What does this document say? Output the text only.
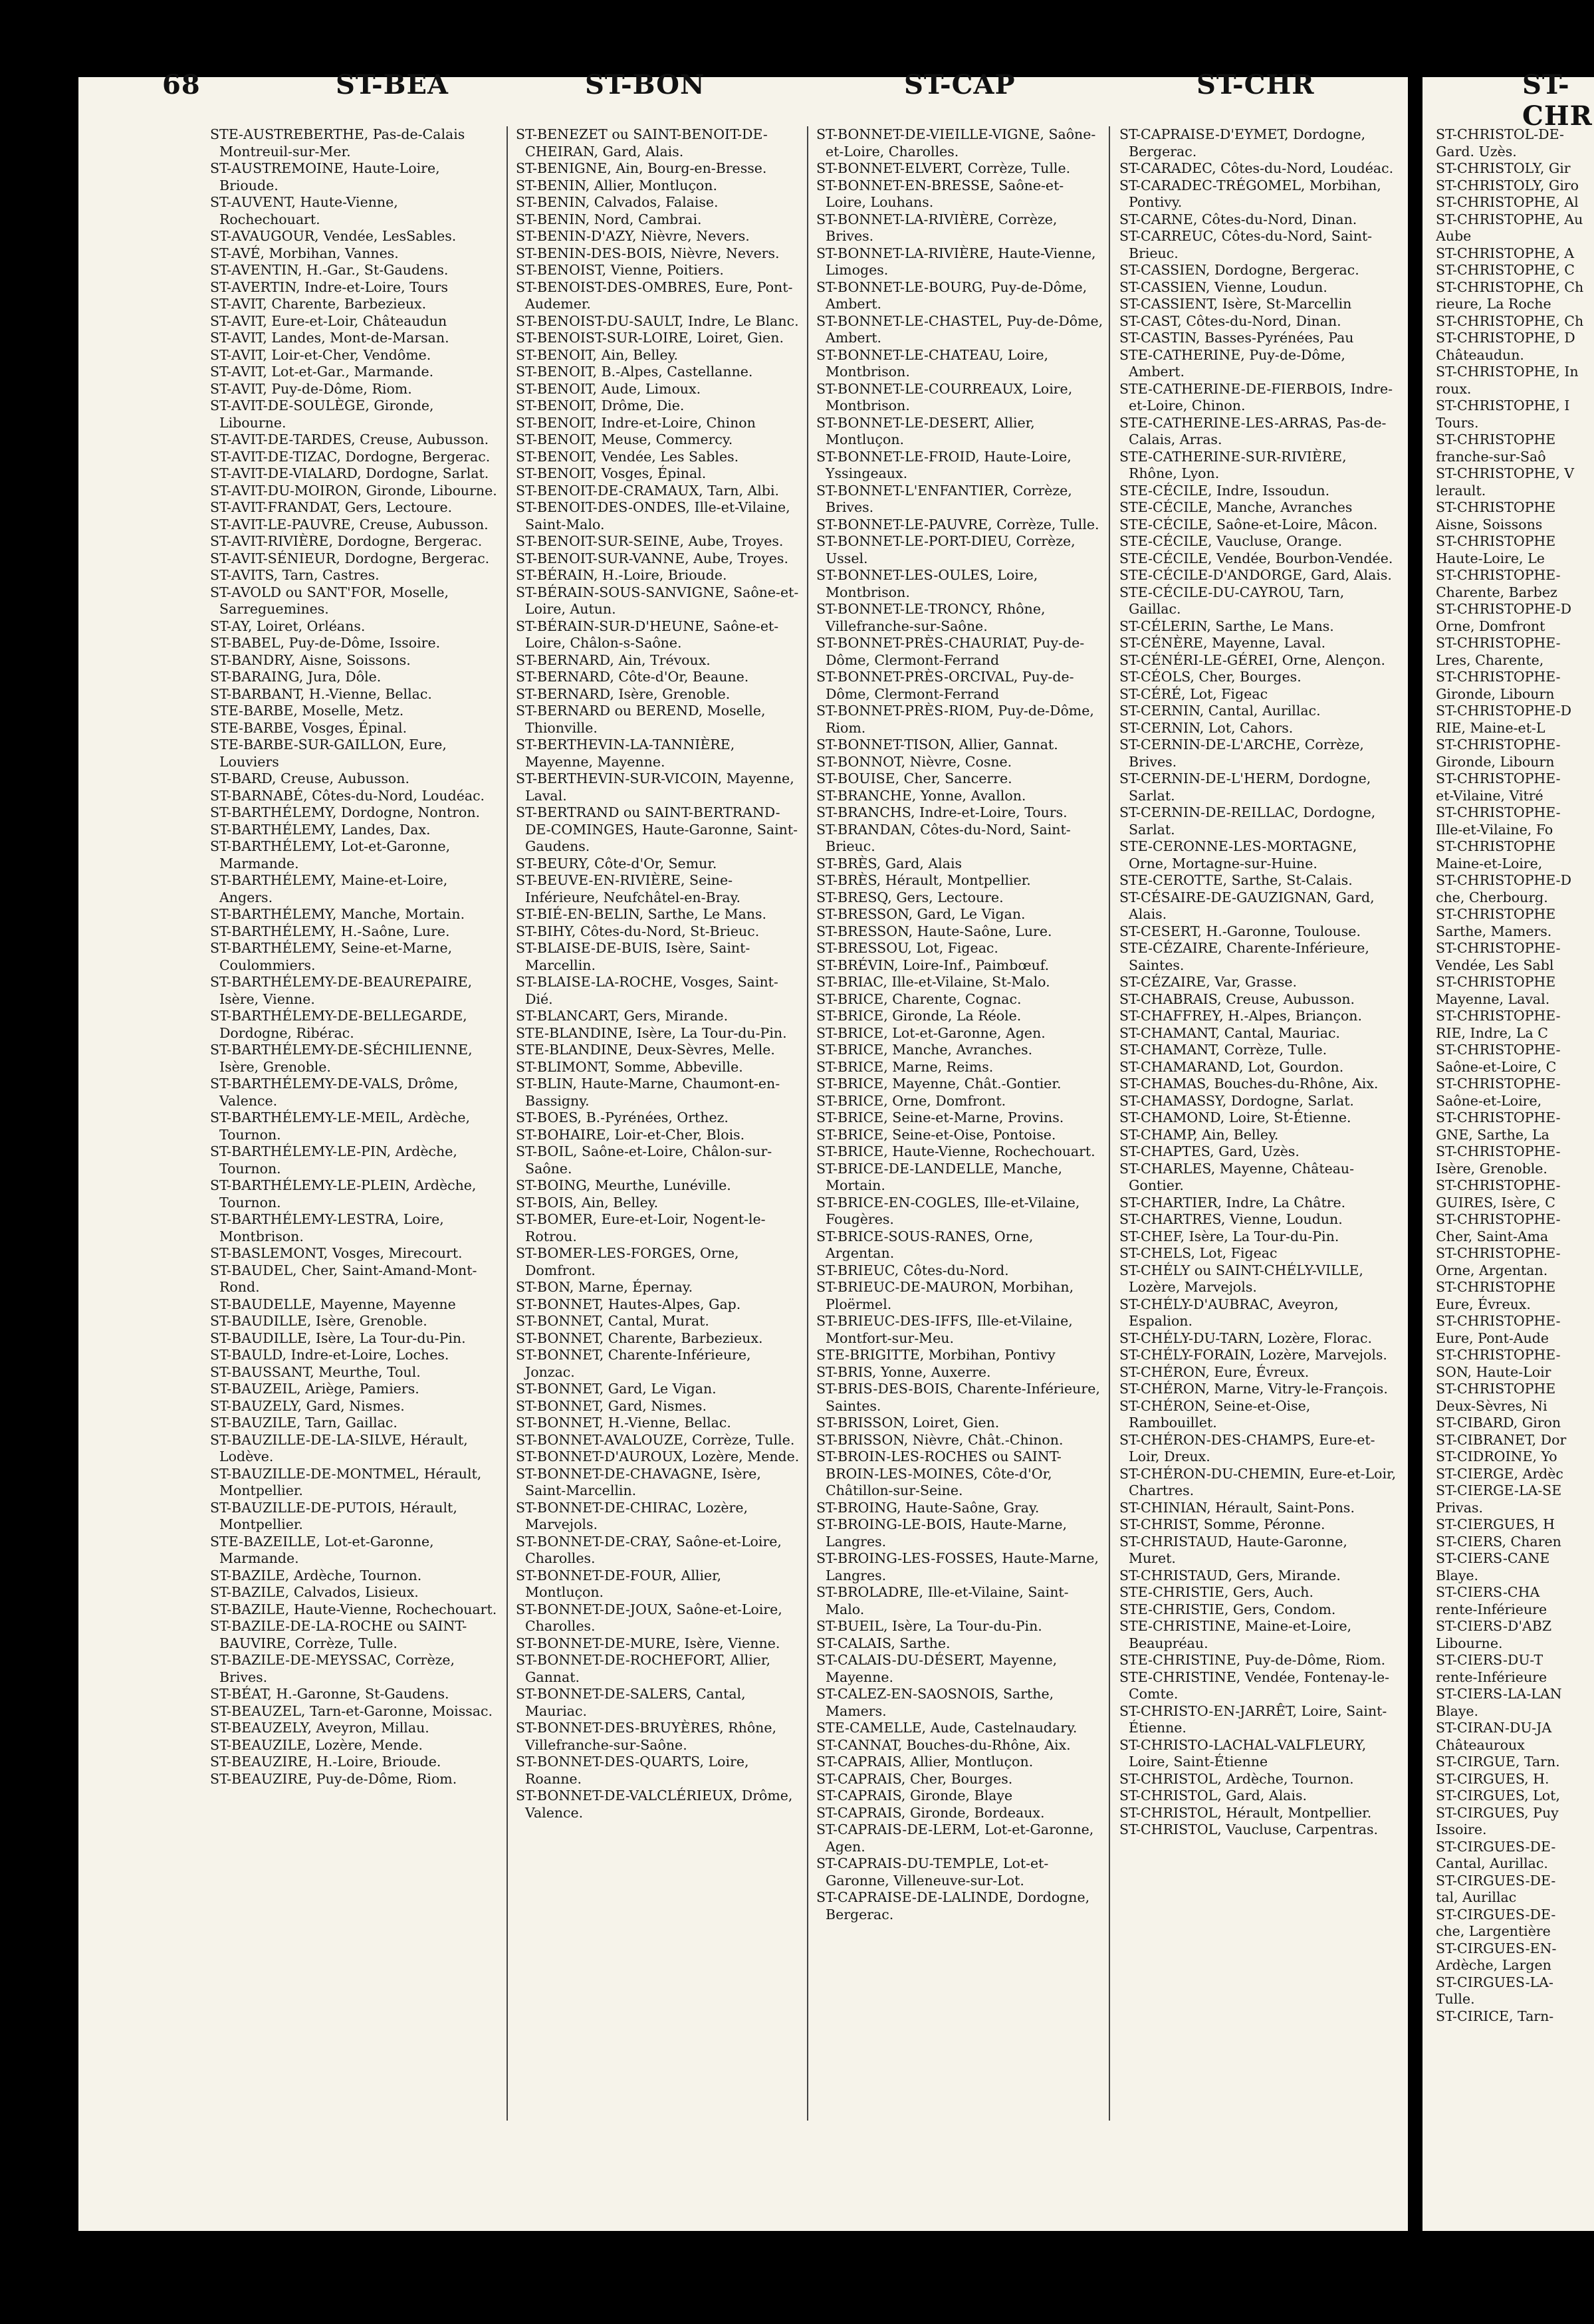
68	ST-BEA	ST-BON	ST-CAP	ST-CHR	ST-CHR

STE-AUSTREBERTHE, Pas-de-Calais Montreuil-sur-Mer.

ST-AUSTREMOINE, Haute-Loire, Brioude.

ST-AUVENT, Haute-Vienne, Rochechouart.

ST-AVAUGOUR, Vendée, LesSables.

ST-AVÉ, Morbihan, Vannes.

ST-AVENTIN, H.-Gar., St-Gaudens.

ST-AVERTIN, Indre-et-Loire, Tours

ST-AVIT, Charente, Barbezieux.

ST-AVIT, Eure-et-Loir, Châteaudun

ST-AVIT, Landes, Mont-de-Marsan.

ST-AVIT, Loir-et-Cher, Vendôme.

ST-AVIT, Lot-et-Gar., Marmande.

ST-AVIT, Puy-de-Dôme, Riom.

ST-AVIT-DE-SOULÈGE, Gironde, Libourne.

ST-AVIT-DE-TARDES, Creuse, Aubusson.

ST-AVIT-DE-TIZAC, Dordogne, Bergerac.

ST-AVIT-DE-VIALARD, Dordogne, Sarlat.

ST-AVIT-DU-MOIRON, Gironde, Libourne.

ST-AVIT-FRANDAT, Gers, Lectoure.

ST-AVIT-LE-PAUVRE, Creuse, Aubusson.

ST-AVIT-RIVIÈRE, Dordogne, Bergerac.

ST-AVIT-SÉNIEUR, Dordogne, Bergerac.

ST-AVITS, Tarn, Castres.

ST-AVOLD ou SANT'FOR, Moselle, Sarreguemines.

ST-AY, Loiret, Orléans.

ST-BABEL, Puy-de-Dôme, Issoire.

ST-BANDRY, Aisne, Soissons.

ST-BARAING, Jura, Dôle.

ST-BARBANT, H.-Vienne, Bellac.

STE-BARBE, Moselle, Metz.

STE-BARBE, Vosges, Épinal.

STE-BARBE-SUR-GAILLON, Eure, Louviers

ST-BARD, Creuse, Aubusson.

ST-BARNABÉ, Côtes-du-Nord, Loudéac.

ST-BARTHÉLEMY, Dordogne, Nontron.

ST-BARTHÉLEMY, Landes, Dax.

ST-BARTHÉLEMY, Lot-et-Garonne, Marmande.

ST-BARTHÉLEMY, Maine-et-Loire, Angers.

ST-BARTHÉLEMY, Manche, Mortain.

ST-BARTHÉLEMY, H.-Saône, Lure.

ST-BARTHÉLEMY, Seine-et-Marne, Coulommiers.

ST-BARTHÉLEMY-DE-BEAUREPAIRE, Isère, Vienne.

ST-BARTHÉLEMY-DE-BELLEGARDE, Dordogne, Ribérac.

ST-BARTHÉLEMY-DE-SÉCHILIENNE, Isère, Grenoble.

ST-BARTHÉLEMY-DE-VALS, Drôme, Valence.

ST-BARTHÉLEMY-LE-MEIL, Ardèche, Tournon.

ST-BARTHÉLEMY-LE-PIN, Ardèche, Tournon.

ST-BARTHÉLEMY-LE-PLEIN, Ardèche, Tournon.

ST-BARTHÉLEMY-LESTRA, Loire, Montbrison.

ST-BASLEMONT, Vosges, Mirecourt.

ST-BAUDEL, Cher, Saint-Amand-Mont-Rond.

ST-BAUDELLE, Mayenne, Mayenne

ST-BAUDILLE, Isère, Grenoble.

ST-BAUDILLE, Isère, La Tour-du-Pin.

ST-BAULD, Indre-et-Loire, Loches.

ST-BAUSSANT, Meurthe, Toul.

ST-BAUZEIL, Ariège, Pamiers.

ST-BAUZELY, Gard, Nismes.

ST-BAUZILE, Tarn, Gaillac.

ST-BAUZILLE-DE-LA-SILVE, Hérault, Lodève.

ST-BAUZILLE-DE-MONTMEL, Hérault, Montpellier.

ST-BAUZILLE-DE-PUTOIS, Hérault, Montpellier.

STE-BAZEILLE, Lot-et-Garonne, Marmande.

ST-BAZILE, Ardèche, Tournon.

ST-BAZILE, Calvados, Lisieux.

ST-BAZILE, Haute-Vienne, Rochechouart.

ST-BAZILE-DE-LA-ROCHE ou SAINT-BAUVIRE, Corrèze, Tulle.

ST-BAZILE-DE-MEYSSAC, Corrèze, Brives.

ST-BÉAT, H.-Garonne, St-Gaudens.

ST-BEAUZEL, Tarn-et-Garonne, Moissac.

ST-BEAUZELY, Aveyron, Millau.

ST-BEAUZILE, Lozère, Mende.

ST-BEAUZIRE, H.-Loire, Brioude.

ST-BEAUZIRE, Puy-de-Dôme, Riom.

ST-BENEZET ou SAINT-BENOIT-DE-CHEIRAN, Gard, Alais.

ST-BENIGNE, Ain, Bourg-en-Bresse.

ST-BENIN, Allier, Montluçon.

ST-BENIN, Calvados, Falaise.

ST-BENIN, Nord, Cambrai.

ST-BENIN-D'AZY, Nièvre, Nevers.

ST-BENIN-DES-BOIS, Nièvre, Nevers.

ST-BENOIST, Vienne, Poitiers.

ST-BENOIST-DES-OMBRES, Eure, Pont-Audemer.

ST-BENOIST-DU-SAULT, Indre, Le Blanc.

ST-BENOIST-SUR-LOIRE, Loiret, Gien.

ST-BENOIT, Ain, Belley.

ST-BENOIT, B.-Alpes, Castellanne.

ST-BENOIT, Aude, Limoux.

ST-BENOIT, Drôme, Die.

ST-BENOIT, Indre-et-Loire, Chinon

ST-BENOIT, Meuse, Commercy.

ST-BENOIT, Vendée, Les Sables.

ST-BENOIT, Vosges, Épinal.

ST-BENOIT-DE-CRAMAUX, Tarn, Albi.

ST-BENOIT-DES-ONDES, Ille-et-Vilaine, Saint-Malo.

ST-BENOIT-SUR-SEINE, Aube, Troyes.

ST-BENOIT-SUR-VANNE, Aube, Troyes.

ST-BÉRAIN, H.-Loire, Brioude.

ST-BÉRAIN-SOUS-SANVIGNE, Saône-et-Loire, Autun.

ST-BÉRAIN-SUR-D'HEUNE, Saône-et-Loire, Châlon-s-Saône.

ST-BERNARD, Ain, Trévoux.

ST-BERNARD, Côte-d'Or, Beaune.

ST-BERNARD, Isère, Grenoble.

ST-BERNARD ou BEREND, Moselle, Thionville.

ST-BERTHEVIN-LA-TANNIÈRE, Mayenne, Mayenne.

ST-BERTHEVIN-SUR-VICOIN, Mayenne, Laval.

ST-BERTRAND ou SAINT-BERTRAND-DE-COMINGES, Haute-Garonne, Saint-Gaudens.

ST-BEURY, Côte-d'Or, Semur.

ST-BEUVE-EN-RIVIÈRE, Seine-Inférieure, Neufchâtel-en-Bray.

ST-BIÉ-EN-BELIN, Sarthe, Le Mans.

ST-BIHY, Côtes-du-Nord, St-Brieuc.

ST-BLAISE-DE-BUIS, Isère, Saint-Marcellin.

ST-BLAISE-LA-ROCHE, Vosges, Saint-Dié.

ST-BLANCART, Gers, Mirande.

STE-BLANDINE, Isère, La Tour-du-Pin.

STE-BLANDINE, Deux-Sèvres, Melle.

ST-BLIMONT, Somme, Abbeville.

ST-BLIN, Haute-Marne, Chaumont-en-Bassigny.

ST-BOES, B.-Pyrénées, Orthez.

ST-BOHAIRE, Loir-et-Cher, Blois.

ST-BOIL, Saône-et-Loire, Châlon-sur-Saône.

ST-BOING, Meurthe, Lunéville.

ST-BOIS, Ain, Belley.

ST-BOMER, Eure-et-Loir, Nogent-le-Rotrou.

ST-BOMER-LES-FORGES, Orne, Domfront.

ST-BON, Marne, Épernay.

ST-BONNET, Hautes-Alpes, Gap.

ST-BONNET, Cantal, Murat.

ST-BONNET, Charente, Barbezieux.

ST-BONNET, Charente-Inférieure, Jonzac.

ST-BONNET, Gard, Le Vigan.

ST-BONNET, Gard, Nismes.

ST-BONNET, H.-Vienne, Bellac.

ST-BONNET-AVALOUZE, Corrèze, Tulle.

ST-BONNET-D'AUROUX, Lozère, Mende.

ST-BONNET-DE-CHAVAGNE, Isère, Saint-Marcellin.

ST-BONNET-DE-CHIRAC, Lozère, Marvejols.

ST-BONNET-DE-CRAY, Saône-et-Loire, Charolles.

ST-BONNET-DE-FOUR, Allier, Montluçon.

ST-BONNET-DE-JOUX, Saône-et-Loire, Charolles.

ST-BONNET-DE-MURE, Isère, Vienne.

ST-BONNET-DE-ROCHEFORT, Allier, Gannat.

ST-BONNET-DE-SALERS, Cantal, Mauriac.

ST-BONNET-DES-BRUYÈRES, Rhône, Villefranche-sur-Saône.

ST-BONNET-DES-QUARTS, Loire, Roanne.

ST-BONNET-DE-VALCLÉRIEUX, Drôme, Valence.

ST-BONNET-DE-VIEILLE-VIGNE, Saône-et-Loire, Charolles.

ST-BONNET-ELVERT, Corrèze, Tulle.

ST-BONNET-EN-BRESSE, Saône-et-Loire, Louhans.

ST-BONNET-LA-RIVIÈRE, Corrèze, Brives.

ST-BONNET-LA-RIVIÈRE, Haute-Vienne, Limoges.

ST-BONNET-LE-BOURG, Puy-de-Dôme, Ambert.

ST-BONNET-LE-CHASTEL, Puy-de-Dôme, Ambert.

ST-BONNET-LE-CHATEAU, Loire, Montbrison.

ST-BONNET-LE-COURREAUX, Loire, Montbrison.

ST-BONNET-LE-DESERT, Allier, Montluçon.

ST-BONNET-LE-FROID, Haute-Loire, Yssingeaux.

ST-BONNET-L'ENFANTIER, Corrèze, Brives.

ST-BONNET-LE-PAUVRE, Corrèze, Tulle.

ST-BONNET-LE-PORT-DIEU, Corrèze, Ussel.

ST-BONNET-LES-OULES, Loire, Montbrison.

ST-BONNET-LE-TRONCY, Rhône, Villefranche-sur-Saône.

ST-BONNET-PRÈS-CHAURIAT, Puy-de-Dôme, Clermont-Ferrand

ST-BONNET-PRÈS-ORCIVAL, Puy-de-Dôme, Clermont-Ferrand

ST-BONNET-PRÈS-RIOM, Puy-de-Dôme, Riom.

ST-BONNET-TISON, Allier, Gannat.

ST-BONNOT, Nièvre, Cosne.

ST-BOUISE, Cher, Sancerre.

ST-BRANCHE, Yonne, Avallon.

ST-BRANCHS, Indre-et-Loire, Tours.

ST-BRANDAN, Côtes-du-Nord, Saint-Brieuc.

ST-BRÈS, Gard, Alais

ST-BRÈS, Hérault, Montpellier.

ST-BRESQ, Gers, Lectoure.

ST-BRESSON, Gard, Le Vigan.

ST-BRESSON, Haute-Saône, Lure.

ST-BRESSOU, Lot, Figeac.

ST-BRÉVIN, Loire-Inf., Paimbœuf.

ST-BRIAC, Ille-et-Vilaine, St-Malo.

ST-BRICE, Charente, Cognac.

ST-BRICE, Gironde, La Réole.

ST-BRICE, Lot-et-Garonne, Agen.

ST-BRICE, Manche, Avranches.

ST-BRICE, Marne, Reims.

ST-BRICE, Mayenne, Chât.-Gontier.

ST-BRICE, Orne, Domfront.

ST-BRICE, Seine-et-Marne, Provins.

ST-BRICE, Seine-et-Oise, Pontoise.

ST-BRICE, Haute-Vienne, Rochechouart.

ST-BRICE-DE-LANDELLE, Manche, Mortain.

ST-BRICE-EN-COGLES, Ille-et-Vilaine, Fougères.

ST-BRICE-SOUS-RANES, Orne, Argentan.

ST-BRIEUC, Côtes-du-Nord.

ST-BRIEUC-DE-MAURON, Morbihan, Ploërmel.

ST-BRIEUC-DES-IFFS, Ille-et-Vilaine, Montfort-sur-Meu.

STE-BRIGITTE, Morbihan, Pontivy

ST-BRIS, Yonne, Auxerre.

ST-BRIS-DES-BOIS, Charente-Inférieure, Saintes.

ST-BRISSON, Loiret, Gien.

ST-BRISSON, Nièvre, Chât.-Chinon.

ST-BROIN-LES-ROCHES ou SAINT-BROIN-LES-MOINES, Côte-d'Or, Châtillon-sur-Seine.

ST-BROING, Haute-Saône, Gray.

ST-BROING-LE-BOIS, Haute-Marne, Langres.

ST-BROING-LES-FOSSES, Haute-Marne, Langres.

ST-BROLADRE, Ille-et-Vilaine, Saint-Malo.

ST-BUEIL, Isère, La Tour-du-Pin.

ST-CALAIS, Sarthe.

ST-CALAIS-DU-DÉSERT, Mayenne, Mayenne.

ST-CALEZ-EN-SAOSNOIS, Sarthe, Mamers.

STE-CAMELLE, Aude, Castelnaudary.

ST-CANNAT, Bouches-du-Rhône, Aix.

ST-CAPRAIS, Allier, Montluçon.

ST-CAPRAIS, Cher, Bourges.

ST-CAPRAIS, Gironde, Blaye

ST-CAPRAIS, Gironde, Bordeaux.

ST-CAPRAIS-DE-LERM, Lot-et-Garonne, Agen.

ST-CAPRAIS-DU-TEMPLE, Lot-et-Garonne, Villeneuve-sur-Lot.

ST-CAPRAISE-DE-LALINDE, Dordogne, Bergerac.

ST-CAPRAISE-D'EYMET, Dordogne, Bergerac.

ST-CARADEC, Côtes-du-Nord, Loudéac.

ST-CARADEC-TRÉGOMEL, Morbihan, Pontivy.

ST-CARNE, Côtes-du-Nord, Dinan.

ST-CARREUC, Côtes-du-Nord, Saint-Brieuc.

ST-CASSIEN, Dordogne, Bergerac.

ST-CASSIEN, Vienne, Loudun.

ST-CASSIENT, Isère, St-Marcellin

ST-CAST, Côtes-du-Nord, Dinan.

ST-CASTIN, Basses-Pyrénées, Pau

STE-CATHERINE, Puy-de-Dôme, Ambert.

STE-CATHERINE-DE-FIERBOIS, Indre-et-Loire, Chinon.

STE-CATHERINE-LES-ARRAS, Pas-de-Calais, Arras.

STE-CATHERINE-SUR-RIVIÈRE, Rhône, Lyon.

STE-CÉCILE, Indre, Issoudun.

STE-CÉCILE, Manche, Avranches

STE-CÉCILE, Saône-et-Loire, Mâcon.

STE-CÉCILE, Vaucluse, Orange.

STE-CÉCILE, Vendée, Bourbon-Vendée.

STE-CÉCILE-D'ANDORGE, Gard, Alais.

STE-CÉCILE-DU-CAYROU, Tarn, Gaillac.

ST-CÉLERIN, Sarthe, Le Mans.

ST-CÉNÈRE, Mayenne, Laval.

ST-CÉNÉRI-LE-GÉREI, Orne, Alençon.

ST-CÉOLS, Cher, Bourges.

ST-CÉRÉ, Lot, Figeac

ST-CERNIN, Cantal, Aurillac.

ST-CERNIN, Lot, Cahors.

ST-CERNIN-DE-L'ARCHE, Corrèze, Brives.

ST-CERNIN-DE-L'HERM, Dordogne, Sarlat.

ST-CERNIN-DE-REILLAC, Dordogne, Sarlat.

STE-CERONNE-LES-MORTAGNE, Orne, Mortagne-sur-Huine.

STE-CEROTTE, Sarthe, St-Calais.

ST-CÉSAIRE-DE-GAUZIGNAN, Gard, Alais.

ST-CESERT, H.-Garonne, Toulouse.

STE-CÉZAIRE, Charente-Inférieure, Saintes.

ST-CÉZAIRE, Var, Grasse.

ST-CHABRAIS, Creuse, Aubusson.

ST-CHAFFREY, H.-Alpes, Briançon.

ST-CHAMANT, Cantal, Mauriac.

ST-CHAMANT, Corrèze, Tulle.

ST-CHAMARAND, Lot, Gourdon.

ST-CHAMAS, Bouches-du-Rhône, Aix.

ST-CHAMASSY, Dordogne, Sarlat.

ST-CHAMOND, Loire, St-Étienne.

ST-CHAMP, Ain, Belley.

ST-CHAPTES, Gard, Uzès.

ST-CHARLES, Mayenne, Château-Gontier.

ST-CHARTIER, Indre, La Châtre.

ST-CHARTRES, Vienne, Loudun.

ST-CHEF, Isère, La Tour-du-Pin.

ST-CHELS, Lot, Figeac

ST-CHÉLY ou SAINT-CHÉLY-VILLE, Lozère, Marvejols.

ST-CHÉLY-D'AUBRAC, Aveyron, Espalion.

ST-CHÉLY-DU-TARN, Lozère, Florac.

ST-CHÉLY-FORAIN, Lozère, Marvejols.

ST-CHÉRON, Eure, Évreux.

ST-CHÉRON, Marne, Vitry-le-François.

ST-CHÉRON, Seine-et-Oise, Rambouillet.

ST-CHÉRON-DES-CHAMPS, Eure-et-Loir, Dreux.

ST-CHÉRON-DU-CHEMIN, Eure-et-Loir, Chartres.

ST-CHINIAN, Hérault, Saint-Pons.

ST-CHRIST, Somme, Péronne.

ST-CHRISTAUD, Haute-Garonne, Muret.

ST-CHRISTAUD, Gers, Mirande.

STE-CHRISTIE, Gers, Auch.

STE-CHRISTIE, Gers, Condom.

STE-CHRISTINE, Maine-et-Loire, Beaupréau.

STE-CHRISTINE, Puy-de-Dôme, Riom.

STE-CHRISTINE, Vendée, Fontenay-le-Comte.

ST-CHRISTO-EN-JARRÊT, Loire, Saint-Étienne.

ST-CHRISTO-LACHAL-VALFLEURY, Loire, Saint-Étienne

ST-CHRISTOL, Ardèche, Tournon.

ST-CHRISTOL, Gard, Alais.

ST-CHRISTOL, Hérault, Montpellier.

ST-CHRISTOL, Vaucluse, Carpentras.

ST-CHRISTOL-DE-

Gard. Uzès.

ST-CHRISTOLY, Gir

ST-CHRISTOLY, Giro

ST-CHRISTOPHE, Al

ST-CHRISTOPHE, Au

Aube

ST-CHRISTOPHE, A

ST-CHRISTOPHE, C

ST-CHRISTOPHE, Ch

rieure, La Roche

ST-CHRISTOPHE, Ch

ST-CHRISTOPHE, D

Châteaudun.

ST-CHRISTOPHE, In

roux.

ST-CHRISTOPHE, I

Tours.

ST-CHRISTOPHE

franche-sur-Saô

ST-CHRISTOPHE, V

lerault.

ST-CHRISTOPHE

Aisne, Soissons

ST-CHRISTOPHE

Haute-Loire, Le

ST-CHRISTOPHE-

Charente, Barbez

ST-CHRISTOPHE-D

Orne, Domfront

ST-CHRISTOPHE-

Lres, Charente,

ST-CHRISTOPHE-

Gironde, Libourn

ST-CHRISTOPHE-D

RIE, Maine-et-L

ST-CHRISTOPHE-

Gironde, Libourn

ST-CHRISTOPHE-

et-Vilaine, Vitré

ST-CHRISTOPHE-

Ille-et-Vilaine, Fo

ST-CHRISTOPHE

Maine-et-Loire,

ST-CHRISTOPHE-D

che, Cherbourg.

ST-CHRISTOPHE

Sarthe, Mamers.

ST-CHRISTOPHE-

Vendée, Les Sabl

ST-CHRISTOPHE

Mayenne, Laval.

ST-CHRISTOPHE-

RIE, Indre, La C

ST-CHRISTOPHE-

Saône-et-Loire, C

ST-CHRISTOPHE-

Saône-et-Loire,

ST-CHRISTOPHE-

GNE, Sarthe, La

ST-CHRISTOPHE-

Isère, Grenoble.

ST-CHRISTOPHE-

GUIRES, Isère, C

ST-CHRISTOPHE-

Cher, Saint-Ama

ST-CHRISTOPHE-

Orne, Argentan.

ST-CHRISTOPHE

Eure, Évreux.

ST-CHRISTOPHE-

Eure, Pont-Aude

ST-CHRISTOPHE-

SON, Haute-Loir

ST-CHRISTOPHE

Deux-Sèvres, Ni

ST-CIBARD, Giron

ST-CIBRANET, Dor

ST-CIDROINE, Yo

ST-CIERGE, Ardèc

ST-CIERGE-LA-SE

Privas.

ST-CIERGUES, H

ST-CIERS, Charen

ST-CIERS-CANE

Blaye.

ST-CIERS-CHA

rente-Inférieure

ST-CIERS-D'ABZ

Libourne.

ST-CIERS-DU-T

rente-Inférieure

ST-CIERS-LA-LAN

Blaye.

ST-CIRAN-DU-JA

Châteauroux

ST-CIRGUE, Tarn.

ST-CIRGUES, H.

ST-CIRGUES, Lot,

ST-CIRGUES, Puy

Issoire.

ST-CIRGUES-DE-

Cantal, Aurillac.

ST-CIRGUES-DE-

tal, Aurillac

ST-CIRGUES-DE-

che, Largentière

ST-CIRGUES-EN-

Ardèche, Largen

ST-CIRGUES-LA-

Tulle.

ST-CIRICE, Tarn-
